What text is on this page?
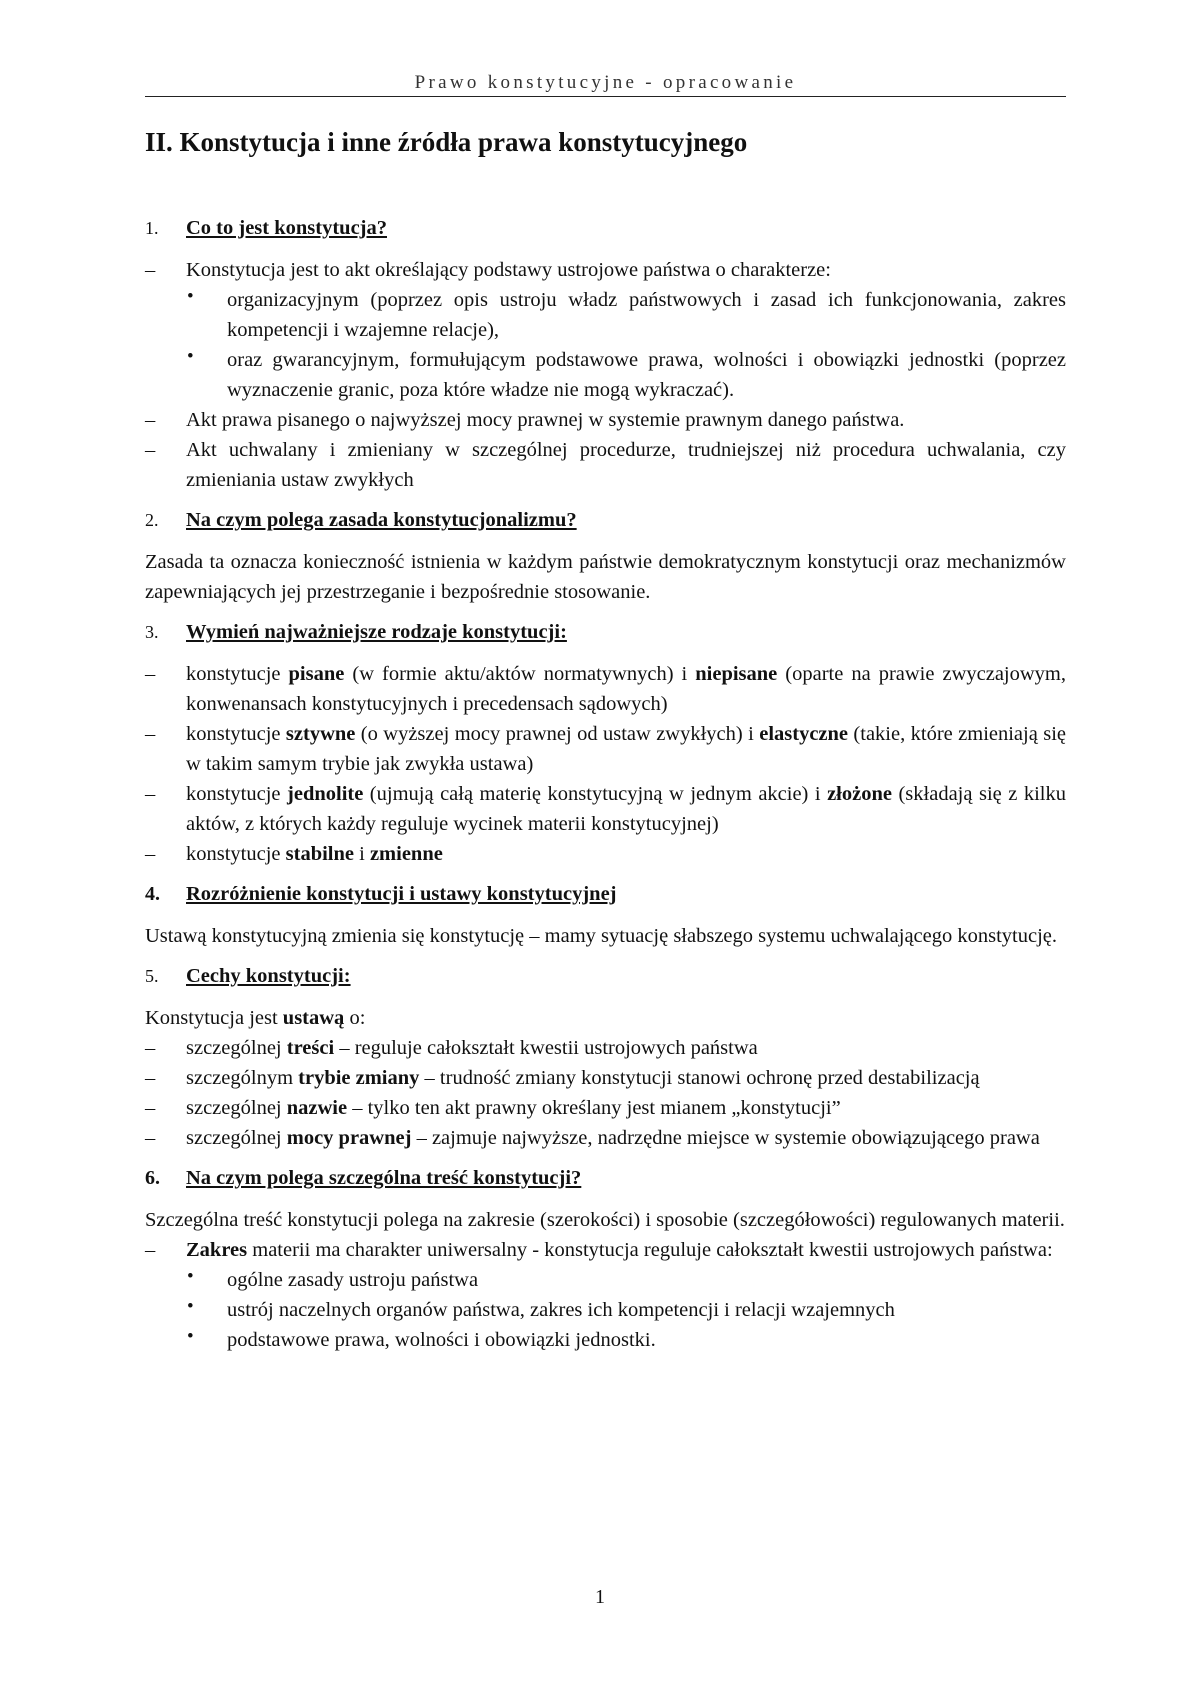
Prawo konstytucyjne - opracowanie
II. Konstytucja i inne źródła prawa konstytucyjnego
1. Co to jest konstytucja?
– Konstytucja jest to akt określający podstawy ustrojowe państwa o charakterze:
• organizacyjnym (poprzez opis ustroju władz państwowych i zasad ich funkcjonowania, zakres kompetencji i wzajemne relacje),
• oraz gwarancyjnym, formułującym podstawowe prawa, wolności i obowiązki jednostki (poprzez wyznaczenie granic, poza które władze nie mogą wykraczać).
– Akt prawa pisanego o najwyższej mocy prawnej w systemie prawnym danego państwa.
– Akt uchwalany i zmieniany w szczególnej procedurze, trudniejszej niż procedura uchwalania, czy zmieniania ustaw zwykłych
2. Na czym polega zasada konstytucjonalizmu?
Zasada ta oznacza konieczność istnienia w każdym państwie demokratycznym konstytucji oraz mechanizmów zapewniających jej przestrzeganie i bezpośrednie stosowanie.
3. Wymień najważniejsze rodzaje konstytucji:
– konstytucje pisane (w formie aktu/aktów normatywnych) i niepisane (oparte na prawie zwyczajowym, konwenansach konstytucyjnych i precedensach sądowych)
– konstytucje sztywne (o wyższej mocy prawnej od ustaw zwykłych) i elastyczne (takie, które zmieniają się w takim samym trybie jak zwykła ustawa)
– konstytucje jednolite (ujmują całą materię konstytucyjną w jednym akcie) i złożone (składają się z kilku aktów, z których każdy reguluje wycinek materii konstytucyjnej)
– konstytucje stabilne i zmienne
4. Rozróżnienie konstytucji i ustawy konstytucyjnej
Ustawą konstytucyjną zmienia się konstytucję – mamy sytuację słabszego systemu uchwalającego konstytucję.
5. Cechy konstytucji:
Konstytucja jest ustawą o:
– szczególnej treści – reguluje całokształt kwestii ustrojowych państwa
– szczególnym trybie zmiany – trudność zmiany konstytucji stanowi ochronę przed destabilizacją
– szczególnej nazwie – tylko ten akt prawny określany jest mianem „konstytucji”
– szczególnej mocy prawnej – zajmuje najwyższe, nadrzędne miejsce w systemie obowiązującego prawa
6. Na czym polega szczególna treść konstytucji?
Szczególna treść konstytucji polega na zakresie (szerokości) i sposobie (szczegółowości) regulowanych materii.
– Zakres materii ma charakter uniwersalny - konstytucja reguluje całokształt kwestii ustrojowych państwa:
• ogólne zasady ustroju państwa
• ustrój naczelnych organów państwa, zakres ich kompetencji i relacji wzajemnych
• podstawowe prawa, wolności i obowiązki jednostki.
1
